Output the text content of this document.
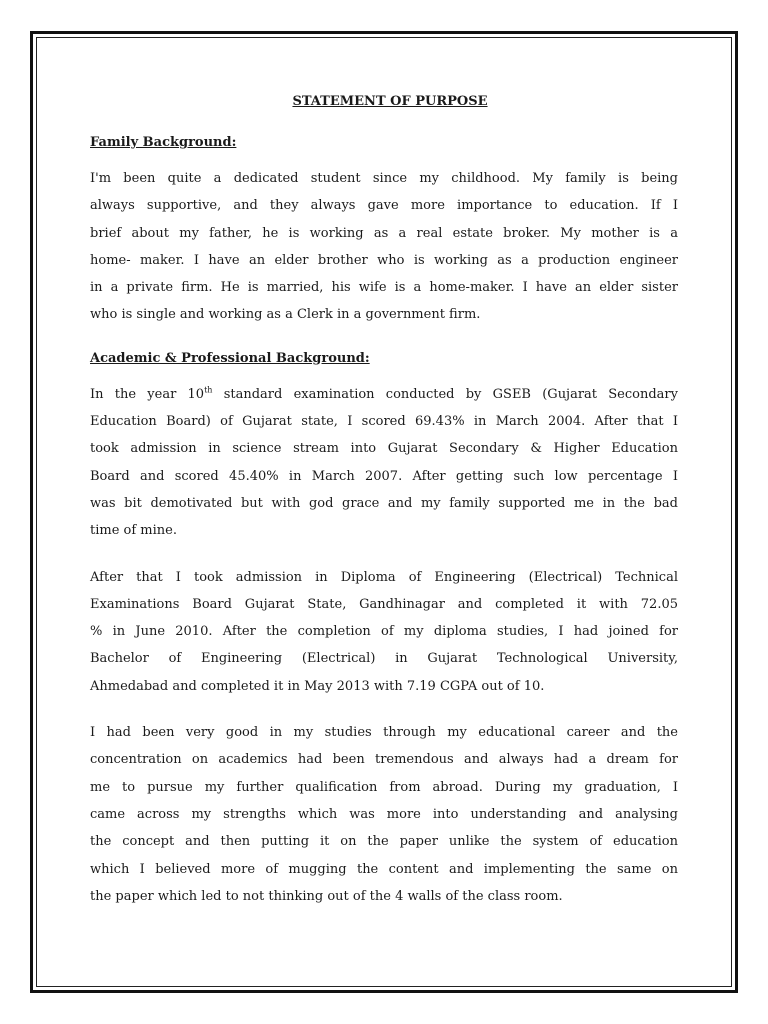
STATEMENT OF PURPOSE
Family Background:
I'm been quite a dedicated student since my childhood. My family is being
always supportive, and they always gave more importance to education. If I
brief about my father, he is working as a real estate broker. My mother is a
home- maker. I have an elder brother who is working as a production engineer
in a private firm. He is married, his wife is a home-maker. I have an elder sister
who is single and working as a Clerk in a government firm.
Academic & Professional Background:
In the year 10th standard examination conducted by GSEB (Gujarat Secondary
Education Board) of Gujarat state, I scored 69.43% in March 2004. After that I
took admission in science stream into Gujarat Secondary & Higher Education
Board and scored 45.40% in March 2007. After getting such low percentage I
was bit demotivated but with god grace and my family supported me in the bad
time of mine.
After that I took admission in Diploma of Engineering (Electrical) Technical
Examinations Board Gujarat State, Gandhinagar and completed it with 72.05
% in June 2010. After the completion of my diploma studies, I had joined for
Bachelor of Engineering (Electrical) in Gujarat Technological University,
Ahmedabad and completed it in May 2013 with 7.19 CGPA out of 10.
I had been very good in my studies through my educational career and the
concentration on academics had been tremendous and always had a dream for
me to pursue my further qualification from abroad. During my graduation, I
came across my strengths which was more into understanding and analysing
the concept and then putting it on the paper unlike the system of education
which I believed more of mugging the content and implementing the same on
the paper which led to not thinking out of the 4 walls of the class room.
